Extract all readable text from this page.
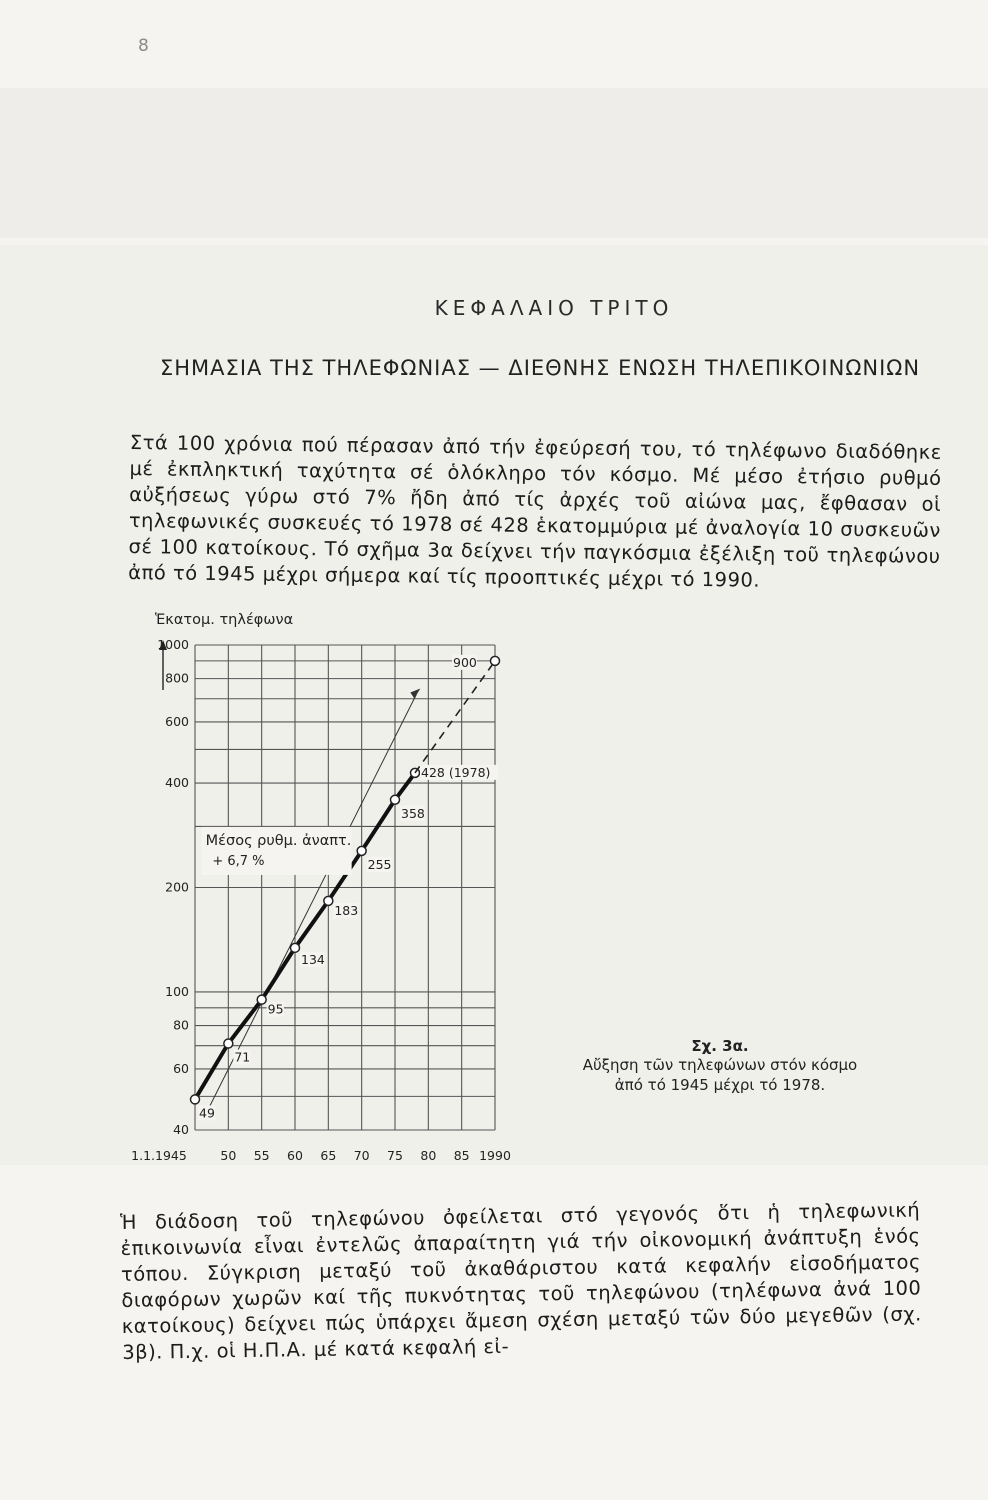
8
ΚΕΦΑΛΑΙΟ ΤΡΙΤΟ
ΣΗΜΑΣΙΑ ΤΗΣ ΤΗΛΕΦΩΝΙΑΣ — ΔΙΕΘΝΗΣ ΕΝΩΣΗ ΤΗΛΕΠΙΚΟΙΝΩΝΙΩΝ

Στά 100 χρόνια πού πέρασαν ἀπό τήν ἐφεύρεσή του, τό τηλέφωνο διαδόθηκε μέ ἐκπληκτική ταχύτητα σέ ὁλόκληρο τόν κόσμο. Μέ μέσο ἐτήσιο ρυθμό αὐξήσεως γύρω στό 7% ἤδη ἀπό τίς ἀρχές τοῦ αἰώνα μας, ἔφθασαν οἱ τηλεφωνικές συσκευές τό 1978 σέ 428 ἑκατομμύρια μέ ἀναλογία 10 συσκευῶν σέ 100 κατοίκους. Τό σχῆμα 3α δείχνει τήν παγκόσμια ἐξέλιξη τοῦ τηλεφώνου ἀπό τό 1945 μέχρι σήμερα καί τίς προοπτικές μέχρι τό 1990.

1.1.1945	50 55 60 65 70 75 80 85 1990
40
60
80
100
200
400
600
800
1000
Ἑκατομ. τηλέφωνα
Μέσος ρυθμ. ἀναπτ.
+ 6,7 %
49
71
95
134
183
255
358
428 (1978)
900
Σχ. 3α.
Αὔξηση τῶν τηλεφώνων στόν κόσμο
ἀπό τό 1945 μέχρι τό 1978.

Ἡ διάδοση τοῦ τηλεφώνου ὀφείλεται στό γεγονός ὅτι ἡ τηλεφωνική ἐπικοινωνία εἶναι ἐντελῶς ἀπαραίτητη γιά τήν οἰκονομική ἀνάπτυξη ἑνός τόπου. Σύγκριση μεταξύ τοῦ ἀκαθάριστου κατά κεφαλήν εἰσοδήματος διαφόρων χωρῶν καί τῆς πυκνότητας τοῦ τηλεφώνου (τηλέφωνα ἀνά 100 κατοίκους) δείχνει πώς ὑπάρχει ἄμεση σχέση μεταξύ τῶν δύο μεγεθῶν (σχ. 3β). Π.χ. οἱ Η.Π.Α. μέ κατά κεφαλή εἰ-
